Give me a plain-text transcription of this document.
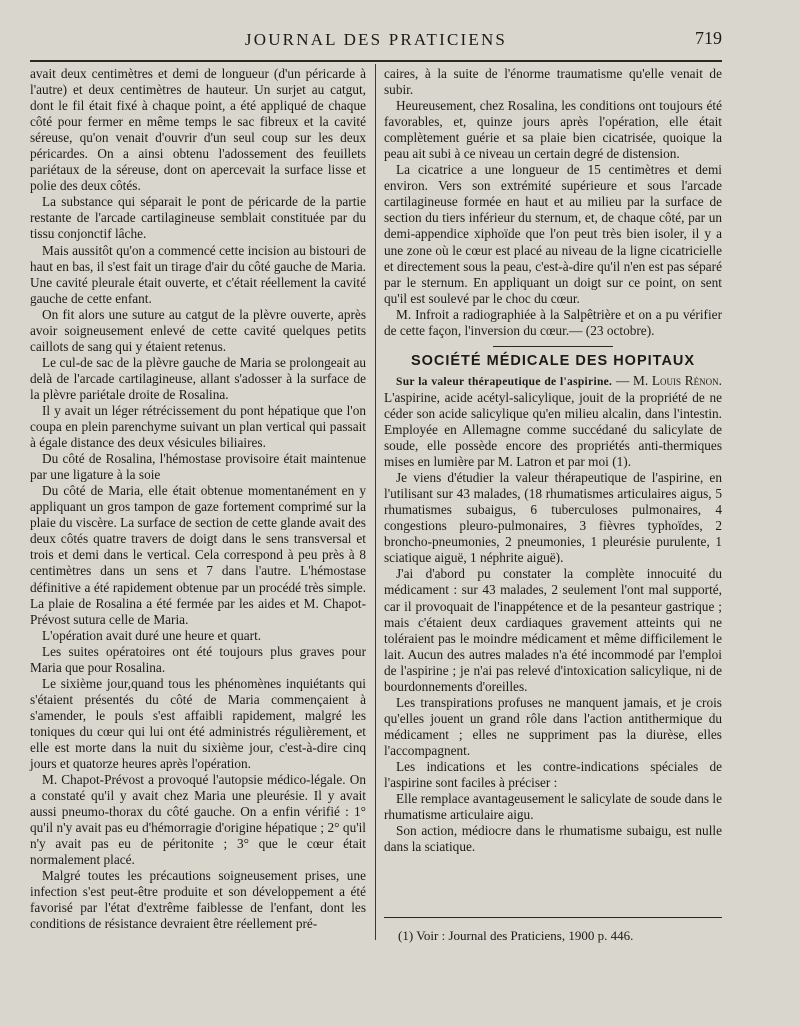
JOURNAL DES PRATICIENS	719

avait deux centimètres et demi de longueur (d'un péricarde à l'autre) et deux centimètres de hauteur. Un surjet au catgut, dont le fil était fixé à chaque point, a été appliqué de chaque côté pour fermer en même temps le sac fibreux et la cavité séreuse, qu'on venait d'ouvrir d'un seul coup sur les deux péricardes. On a ainsi obtenu l'adossement des feuillets pariétaux de la séreuse, dont on apercevait la surface lisse et polie des deux côtés.

La substance qui séparait le pont de péricarde de la partie restante de l'arcade cartilagineuse semblait constituée par du tissu conjonctif lâche.

Mais aussitôt qu'on a commencé cette incision au bistouri de haut en bas, il s'est fait un tirage d'air du côté gauche de Maria. Une cavité pleurale était ouverte, et c'était réellement la cavité gauche de cette enfant.

On fit alors une suture au catgut de la plèvre ouverte, après avoir soigneusement enlevé de cette cavité quelques petits caillots de sang qui y étaient retenus.

Le cul-de sac de la plèvre gauche de Maria se prolongeait au delà de l'arcade cartilagineuse, allant s'adosser à la surface de la plèvre pariétale droite de Rosalina.

Il y avait un léger rétrécissement du pont hépatique que l'on coupa en plein parenchyme suivant un plan vertical qui passait à égale distance des deux vésicules biliaires.

Du côté de Rosalina, l'hémostase provisoire était maintenue par une ligature à la soie

Du côté de Maria, elle était obtenue momentanément en y appliquant un gros tampon de gaze fortement comprimé sur la plaie du viscère. La surface de section de cette glande avait des deux côtés quatre travers de doigt dans le sens transversal et trois et demi dans le vertical. Cela correspond à peu près à 8 centimètres dans un sens et 7 dans l'autre. L'hémostase définitive a été rapidement obtenue par un procédé très simple. La plaie de Rosalina a été fermée par les aides et M. Chapot-Prévost sutura celle de Maria.

L'opération avait duré une heure et quart.

Les suites opératoires ont été toujours plus graves pour Maria que pour Rosalina.

Le sixième jour,quand tous les phénomènes inquiétants qui s'étaient présentés du côté de Maria commençaient à s'amender, le pouls s'est affaibli rapidement, malgré les toniques du cœur qui lui ont été administrés régulièrement, et elle est morte dans la nuit du sixième jour, c'est-à-dire cinq jours et quatorze heures après l'opération.

M. Chapot-Prévost a provoqué l'autopsie médico-légale. On a constaté qu'il y avait chez Maria une pleurésie. Il y avait aussi pneumo-thorax du côté gauche. On a enfin vérifié : 1° qu'il n'y avait pas eu d'hémorragie d'origine hépatique ; 2° qu'il n'y avait pas eu de péritonite ; 3° que le cœur était normalement placé.

Malgré toutes les précautions soigneusement prises, une infection s'est peut-être produite et son développement a été favorisé par l'état d'extrême faiblesse de l'enfant, dont les conditions de résistance devraient être réellement pré-

caires, à la suite de l'énorme traumatisme qu'elle venait de subir.

Heureusement, chez Rosalina, les conditions ont toujours été favorables, et, quinze jours après l'opération, elle était complètement guérie et sa plaie bien cicatrisée, quoique la peau ait subi à ce niveau un certain degré de distension.

La cicatrice a une longueur de 15 centimètres et demi environ. Vers son extrémité supérieure et sous l'arcade cartilagineuse formée en haut et au milieu par la surface de section du tiers inférieur du sternum, et, de chaque côté, par un demi-appendice xiphoïde que l'on peut très bien isoler, il y a une zone où le cœur est placé au niveau de la ligne cicatricielle et directement sous la peau, c'est-à-dire qu'il n'en est pas séparé par le sternum. En appliquant un doigt sur ce point, on sent qu'il est soulevé par le choc du cœur.

M. Infroit a radiographiée à la Salpêtrière et on a pu vérifier de cette façon, l'inversion du cœur.— (23 octobre).

SOCIÉTÉ MÉDICALE DES HOPITAUX

Sur la valeur thérapeutique de l'aspirine. — M. Louis Rénon. L'aspirine, acide acétyl-salicylique, jouit de la propriété de ne céder son acide salicylique qu'en milieu alcalin, dans l'intestin. Employée en Allemagne comme succédané du salicylate de soude, elle possède encore des propriétés anti-thermiques mises en lumière par M. Latron et par moi (1).

Je viens d'étudier la valeur thérapeutique de l'aspirine, en l'utilisant sur 43 malades, (18 rhumatismes articulaires aigus, 5 rhumatismes subaigus, 6 tuberculoses pulmonaires, 4 congestions pleuro-pulmonaires, 3 fièvres typhoïdes, 2 broncho-pneumonies, 2 pneumonies, 1 pleurésie purulente, 1 sciatique aiguë, 1 néphrite aiguë).

J'ai d'abord pu constater la complète innocuité du médicament : sur 43 malades, 2 seulement l'ont mal supporté, car il provoquait de l'inappétence et de la pesanteur gastrique ; mais c'étaient deux cardiaques gravement atteints qui ne toléraient pas le moindre médicament et même difficilement le lait. Aucun des autres malades n'a été incommodé par l'emploi de l'aspirine ; je n'ai pas relevé d'intoxication salicylique, ni de bourdonnements d'oreilles.

Les transpirations profuses ne manquent jamais, et je crois qu'elles jouent un grand rôle dans l'action antithermique du médicament ; elles ne suppriment pas la diurèse, elles l'accompagnent.

Les indications et les contre-indications spéciales de l'aspirine sont faciles à préciser :

Elle remplace avantageusement le salicylate de soude dans le rhumatisme articulaire aigu.

Son action, médiocre dans le rhumatisme subaigu, est nulle dans la sciatique.

(1) Voir : Journal des Praticiens, 1900 p. 446.
